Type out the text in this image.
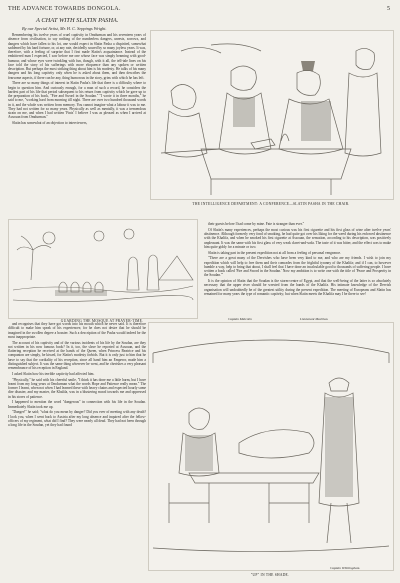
THE ADVANCE TOWARDS DONGOLA.	5
A CHAT WITH SLATIN PASHA.
By our Special Artist, Mr. H. C. Seppings Wright.

Remembering his twelve years of cruel captivity in Omdurman and his seventeen years of absence from civilisation, to say nothing of the numberless dangers, unrests, sorrows, and dangers which have fallen to his lot, one would expect in Slatin Pasha a dispirited, somewhat saddened by his hard fortune, or, at any rate, decidedly soured by so many joyless years. It was, therefore, with a feeling of surprise that I first made Slatin's acquaintance. Instead of the embittered man I expected, I saw before me one whose face was simply beaming with good-humour, and whose eyes were twinkling with fun, though, with it all, the tell-tale lines on his face told the story of his sufferings with more eloquence than any spoken or written description. But perhaps the most striking thing about him is his modesty. He talks of his many dangers and his long captivity only when he is asked about them, and then describes the fearsome aspects, if there can be any, thing humorous in the story, grins with which he has left.

There are so many things of interest in Slatin Pasha's life that there is a difficulty where to begin to question him. And curiously enough, for a man of such a record, he considers the hardest part of his life that period subsequent to his return from captivity which he gave up to the preparation of his book, "Fire and Sword in the Soudan." "I wrote it in three months," he said to me, "working hard from morning till night. There are over two hundred thousand words in it, and the whole was written from memory. You cannot imagine what a labour it was to me. They had not written for so many years. Physically as well as mentally, it was a tremendous strain on me, and when I had written 'Finis' I believe I was as pleased as when I arrived at Assouan from Omdurman."

Slatin has somewhat of an objection to interviewers,

THE INTELLIGENCE DEPARTMENT: A CONFERENCE—SLATIN PASHA IN THE CHAIR.
GUARDING THE MOSQUE AT PRAYER-TIME.	Captain Malcolm	Lieutenant Machlan.

their guests before I had come by mine. Fate is stranger than ever."

Of Slatin's many experiences, perhaps the most curious was his first cigarette and his first glass of wine after twelve years' abstinence. Although formerly very fond of smoking, he had quite got over his liking for the weed during his enforced abstinence with the Khalifa, and when he smoked his first cigarette at Assouan, the sensation, according to his description, was positively unpleasant. It was the same with his first glass of very weak claret-and-soda. The taste of it was bitter, and the effect was to make him quite giddy for a minute or two.

Slatin is taking part in the present expedition not at all from a feeling of personal vengeance.

"There are a great many of the Dervishes who have been very kind to me, and who are my friends. I wish to join my expedition which will help to free them and their comrades from the frightful tyranny of the Khalifa; and if I can, to however humble a way, help to bring that about, I shall feel that I have done an incalculable good to thousands of suffering people. I have written a book called 'Fire and Sword in the Soudan.' Now my ambition is to write one with the title of 'Peace and Prosperity in the Soudan.'"

It is the opinion of Slatin that the Soudan is the storm-centre of Egypt, and that the well-being of the latter is so absolutely necessary that the upper river should be wrested from the hands of the Khalifa. His intimate knowledge of the Dervish organisation will undoubtedly be of the greatest utility during the present expedition. The meeting of Europeans and Slatin has remained for many years the type of romantic captivity; but when Slatin meets the Khalifa may I be there to see!

and recognises that they have got words into his mouth which he never said. It is therefore difficult to make him speak of his experiences; for he does not desire that he should be imagined in the swollen degree a boaster. Such a description of the Pasha would indeed be the most inappropriate.

The account of his captivity and of the various incidents of his life by the Soudan, are they not written in his now famous book? In it, too, the slave he reported at Assouan, and the flattering reception he received at the hands of the Queen, when Princess Beatrice and his companion are simply, he kissed, for Slatin's modesty forbids. But it is only just to him that he have to say that the cordiality of his reception, since all hand him an Emperor, made him a distinguished subject. It was the same thing wherever he went, and he cherishes a very pleasant remembrance of his reception in England.

I asked Slatin how his terrible captivity had affected him.

"Physically," he said with his cheerful smile, "I think it has done me a little harm, but I have learnt from my long years at Omdurman what the words Hope and Patience really mean." The former I learnt, when not when I had learned these with heavy chains and expected hourly some dire disaster, and my master, the Khalifa, was in a blustering mood towards me and oppressed in his stores of patience.

I happened to mention the word "dangerous" in connection with his life in the Soudan. Immediately Slatin took me up.

"Danger!" he said; "what do you mean by danger? Did you ever of meeting with any death? I look you, when I went back to Austria after my long absence and inquired after the fellow-officers of my regiment, what did I find? They were nearly all dead. They had not been through a long life in the Soudan, yet they had found

Captain Whittingham.
"UP" IN THE SHADE.
